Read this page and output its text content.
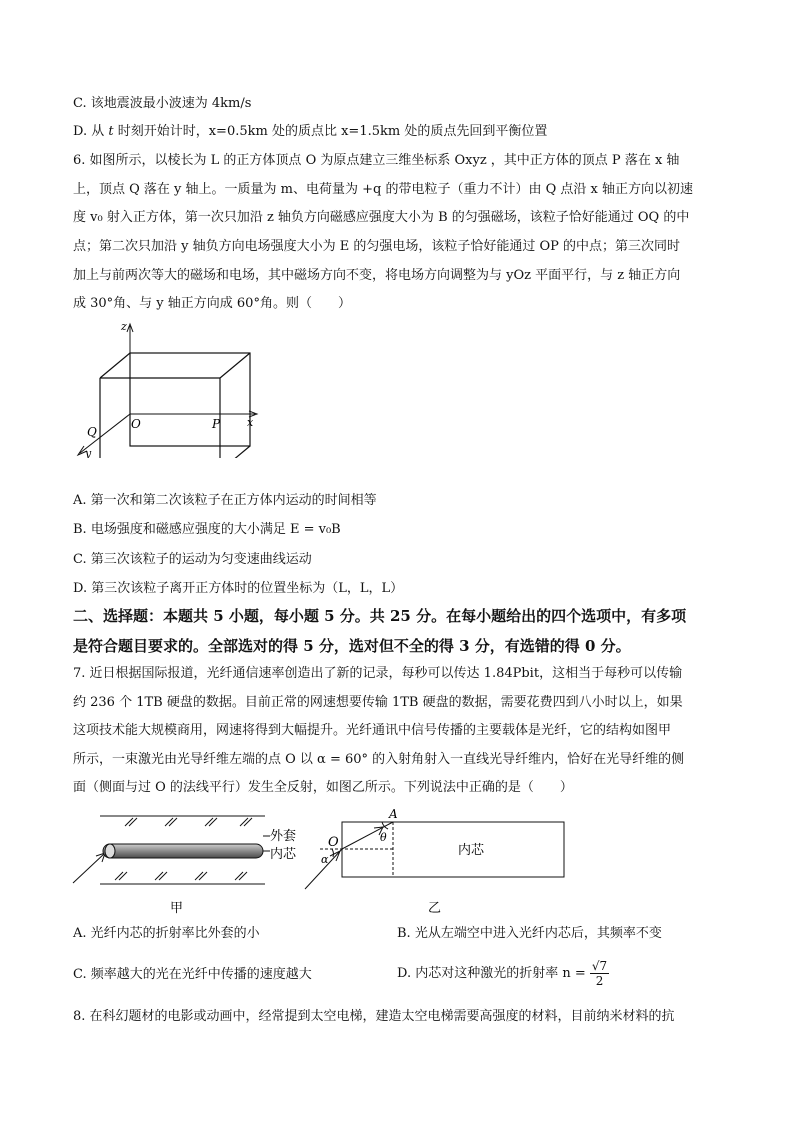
C. 该地震波最小波速为 4km/s
D. 从 t 时刻开始计时，x=0.5km 处的质点比 x=1.5km 处的质点先回到平衡位置
6. 如图所示，以棱长为 L 的正方体顶点 O 为原点建立三维坐标系 Oxyz ，其中正方体的顶点 P 落在 x 轴
上，顶点 Q 落在 y 轴上。一质量为 m、电荷量为 +q 的带电粒子（重力不计）由 Q 点沿 x 轴正方向以初速
度 v₀ 射入正方体，第一次只加沿 z 轴负方向磁感应强度大小为 B 的匀强磁场，该粒子恰好能通过 OQ 的中
点；第二次只加沿 y 轴负方向电场强度大小为 E 的匀强电场，该粒子恰好能通过 OP 的中点；第三次同时
加上与前两次等大的磁场和电场，其中磁场方向不变，将电场方向调整为与 yOz 平面平行，与 z 轴正方向
成 30°角、与 y 轴正方向成 60°角。则（　　）
z
O	P
Q
x
y
A. 第一次和第二次该粒子在正方体内运动的时间相等
B. 电场强度和磁感应强度的大小满足 E = v₀B
C. 第三次该粒子的运动为匀变速曲线运动
D. 第三次该粒子离开正方体时的位置坐标为（L，L，L）
二、选择题：本题共 5 小题，每小题 5 分。共 25 分。在每小题给出的四个选项中，有多项
是符合题目要求的。全部选对的得 5 分，选对但不全的得 3 分，有选错的得 0 分。
7. 近日根据国际报道，光纤通信速率创造出了新的记录，每秒可以传达 1.84Pbit，这相当于每秒可以传输
约 236 个 1TB 硬盘的数据。目前正常的网速想要传输 1TB 硬盘的数据，需要花费四到八小时以上，如果
这项技术能大规模商用，网速将得到大幅提升。光纤通讯中信号传播的主要载体是光纤，它的结构如图甲
所示，一束激光由光导纤维左端的点 O 以 α = 60° 的入射角射入一直线光导纤维内，恰好在光导纤维的侧
面（侧面与过 O 的法线平行）发生全反射，如图乙所示。下列说法中正确的是（　　）
外套
内芯
甲
A
O	θ
α
内芯
乙
A. 光纤内芯的折射率比外套的小	B. 光从左端空中进入光纤内芯后，其频率不变
C. 频率越大的光在光纤中传播的速度越大	D. 内芯对这种激光的折射率 $n = \frac{√7}{2}$
8. 在科幻题材的电影或动画中，经常提到太空电梯，建造太空电梯需要高强度的材料，目前纳米材料的抗
